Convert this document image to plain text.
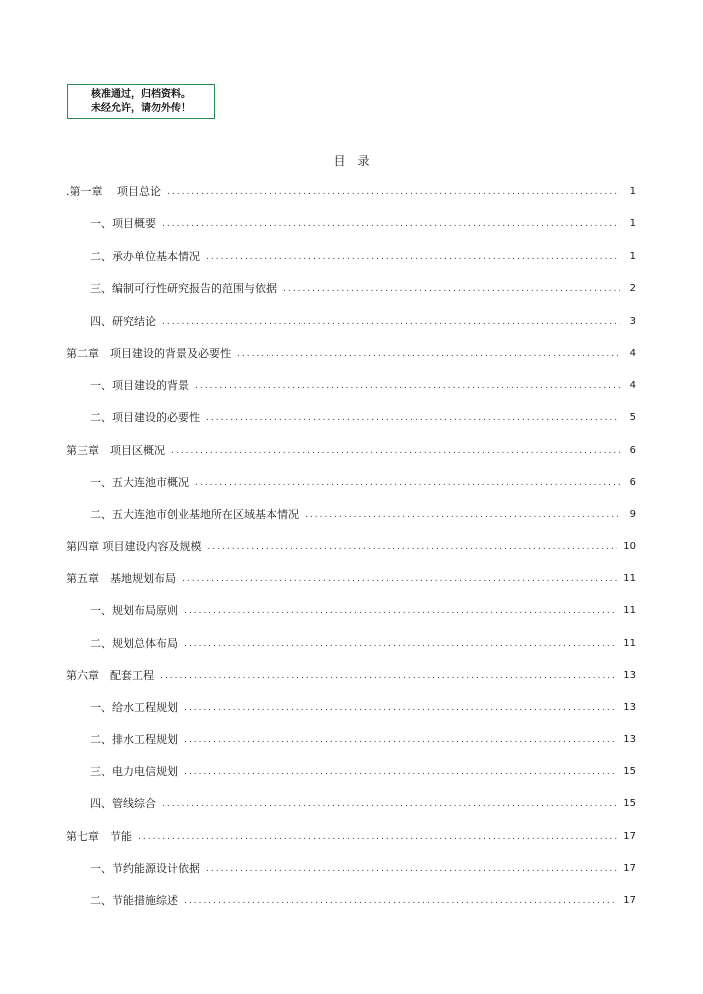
核准通过，归档资料。
未经允许，请勿外传！
目　录
.第一章　 项目总论 .....	1
一、项目概要 .....	1
二、承办单位基本情况 .....	1
三、编制可行性研究报告的范围与依据 .....	2
四、研究结论 .....	3
第二章　项目建设的背景及必要性 .....	4
一、项目建设的背景 .....	4
二、项目建设的必要性 .....	5
第三章　项目区概况 .....	6
一、五大连池市概况 .....	6
二、五大连池市创业基地所在区域基本情况 .....	9
第四章 项目建设内容及规模 .....	10
第五章　基地规划布局 .....	11
一、规划布局原则 .....	11
二、规划总体布局 .....	11
第六章　配套工程 .....	13
一、给水工程规划 .....	13
二、排水工程规划 .....	13
三、电力电信规划 .....	15
四、管线综合 .....	15
第七章　节能 .....	17
一、节约能源设计依据 .....	17
二、节能措施综述 .....	17
